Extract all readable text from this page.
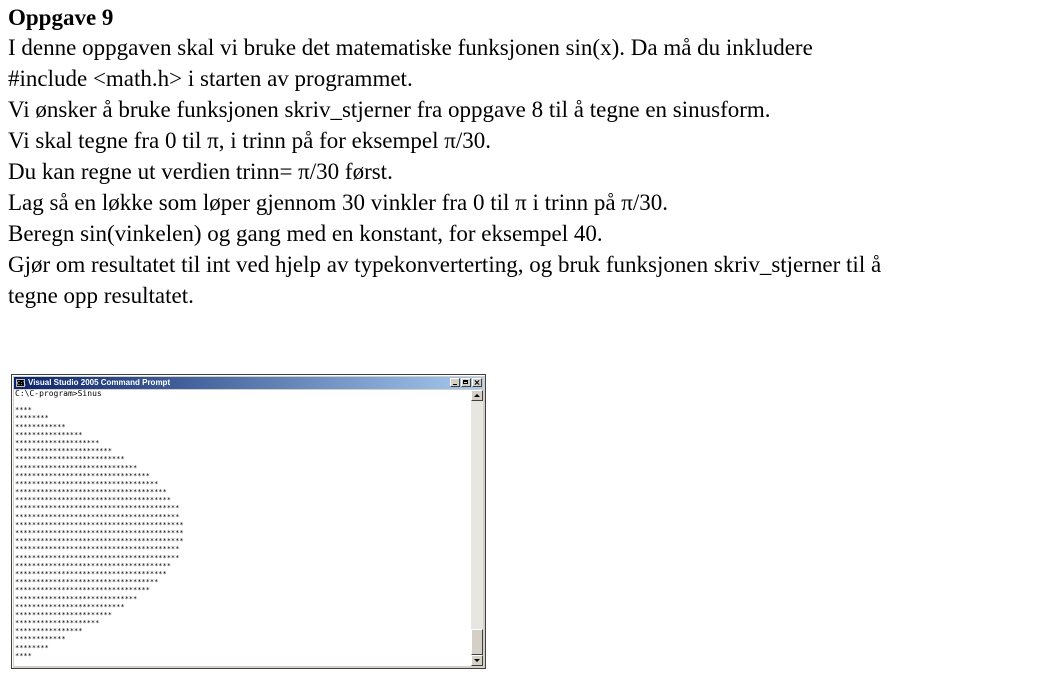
Oppgave 9

I denne oppgaven skal vi bruke det matematiske funksjonen sin(x). Da må du inkludere

#include <math.h> i starten av programmet.

Vi ønsker å bruke funksjonen skriv_stjerner fra oppgave 8 til å tegne en sinusform.

Vi skal tegne fra 0 til π, i trinn på for eksempel π/30.

Du kan regne ut verdien trinn= π/30 først.

Lag så en løkke som løper gjennom 30 vinkler fra 0 til π i trinn på π/30.

Beregn sin(vinkelen) og gang med en konstant, for eksempel 40.

Gjør om resultatet til int ved hjelp av typekonverterting, og bruk funksjonen skriv_stjerner til å

tegne opp resultatet.

C:\ Visual Studio 2005 Command Prompt
C:\C-program>Sinus
****
********
************
****************
********************
***********************
**************************
*****************************
********************************
**********************************
************************************
*************************************
***************************************
***************************************
****************************************
****************************************
****************************************
***************************************
***************************************
*************************************
************************************
**********************************
********************************
*****************************
**************************
***********************
********************
****************
************
********
****
